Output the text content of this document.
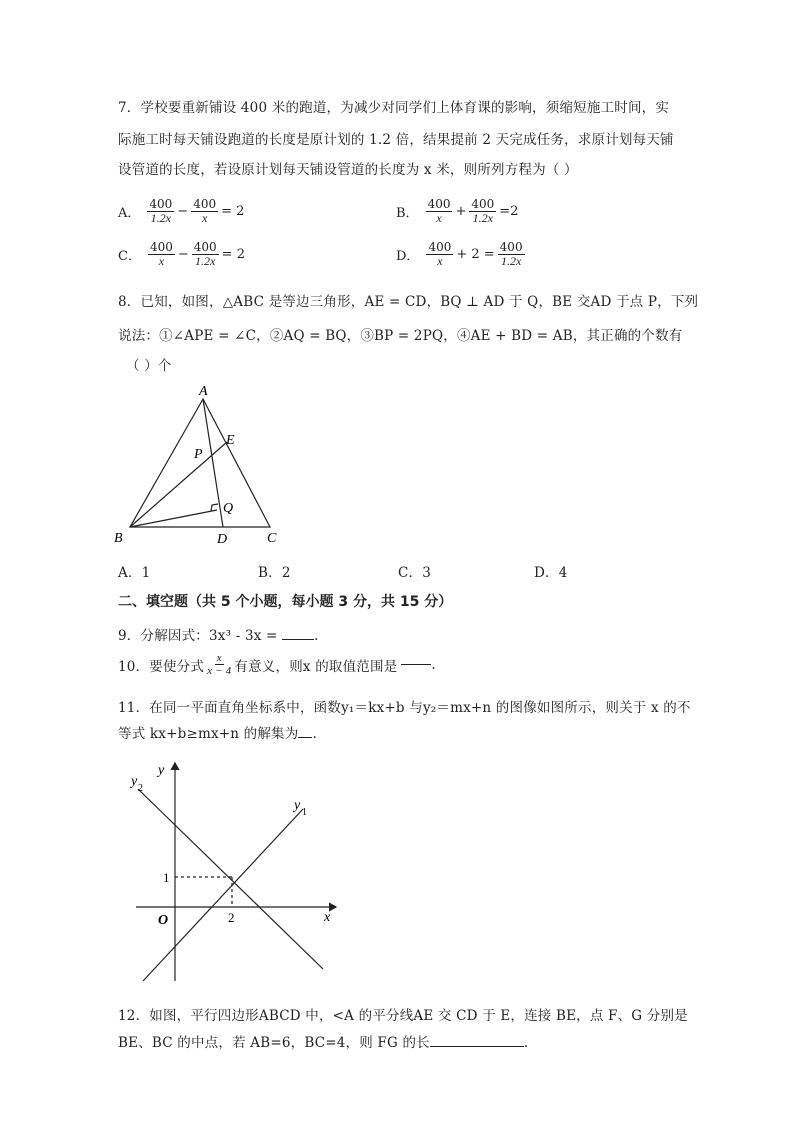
7．学校要重新铺设 400 米的跑道，为减少对同学们上体育课的影响，须缩短施工时间，实
际施工时每天铺设跑道的长度是原计划的 1.2 倍，结果提前 2 天完成任务，求原计划每天铺
设管道的长度，若设原计划每天铺设管道的长度为 x 米，则所列方程为（ ）
A． $\frac{400}{1.2x} - \frac{400}{x} = 2$	B． $\frac{400}{x} + \frac{400}{1.2x} =2$
C． $\frac{400}{x} - \frac{400}{1.2x} = 2$	D． $\frac{400}{x} + 2 = \frac{400}{1.2x}$
8．已知，如图，△ABC 是等边三角形，AE = CD，BQ ⊥ AD 于 Q，BE 交AD 于点 P，下列
说法：①∠APE = ∠C，②AQ = BQ，③BP = 2PQ，④AE + BD = AB，其正确的个数有
（ ）个
A
B	C
D
E
P
Q
A．1	B．2	C．3	D．4
二、填空题（共 5 个小题，每小题 3 分，共 15 分）
9．分解因式：3x³ - 3x =	.
10．要使分式 $\frac{x}{x - 4}$ 有意义，则x 的取值范围是	.
11．在同一平面直角坐标系中，函数y₁＝kx+b 与y₂＝mx+n 的图像如图所示，则关于 x 的不
等式 kx+b≥mx+n 的解集为 .
y
x
O
1
2
y 1
y 2
12．如图，平行四边形ABCD 中，<A 的平分线AE 交 CD 于 E，连接 BE，点 F、G 分别是
BE、BC 的中点，若 AB=6，BC=4，则 FG 的长	.
